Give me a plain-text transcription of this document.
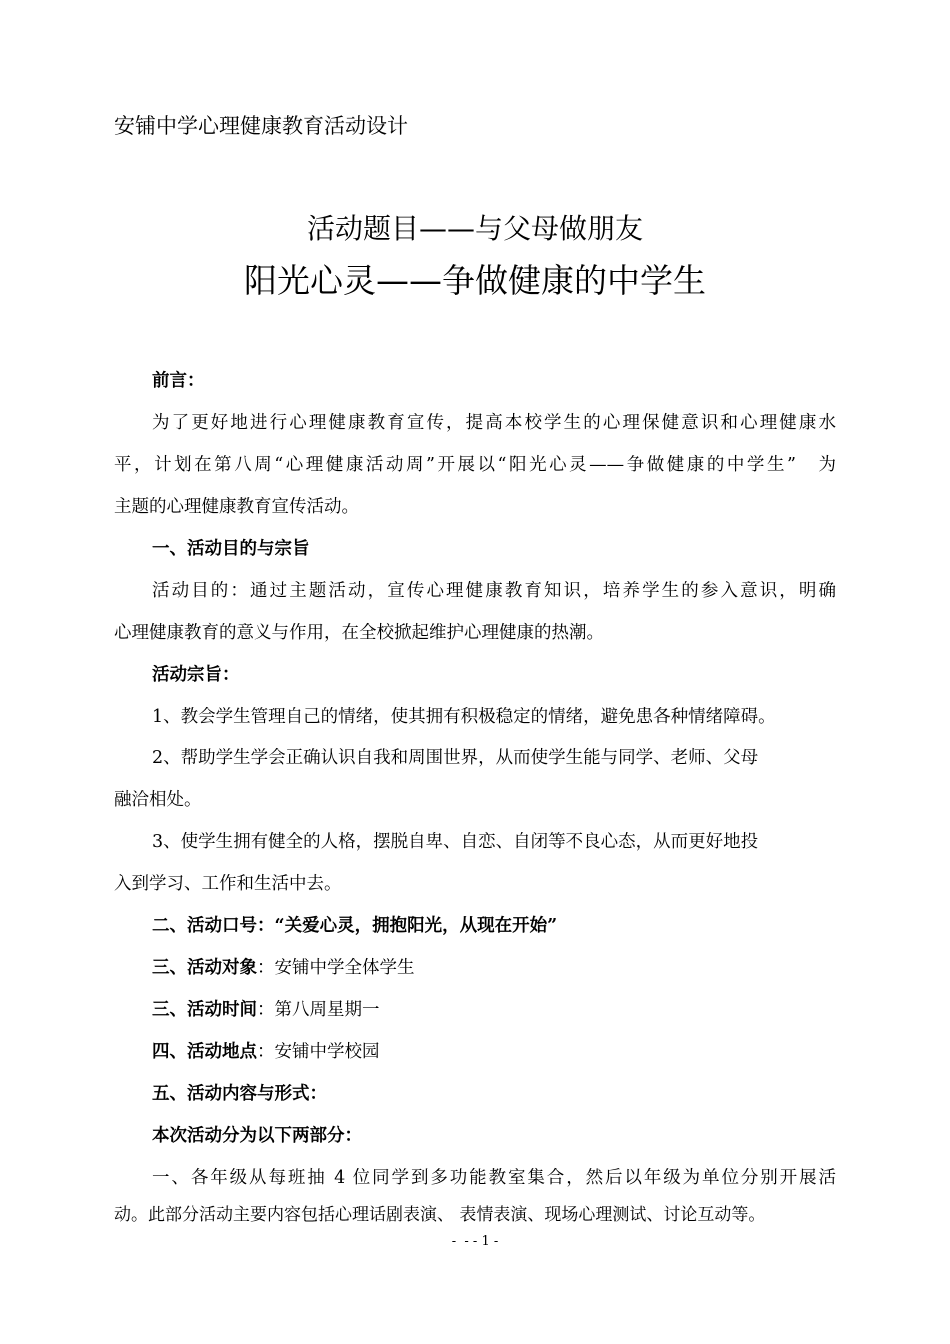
安铺中学心理健康教育活动设计
活动题目——与父母做朋友
阳光心灵——争做健康的中学生
前言：
为了更好地进行心理健康教育宣传，提高本校学生的心理保健意识和心理健康水
平，计划在第八周“心理健康活动周”开展以“阳光心灵——争做健康的中学生”　为
主题的心理健康教育宣传活动。
一、活动目的与宗旨
活动目的：通过主题活动，宣传心理健康教育知识，培养学生的参入意识，明确
心理健康教育的意义与作用，在全校掀起维护心理健康的热潮。
活动宗旨：
1、教会学生管理自己的情绪，使其拥有积极稳定的情绪，避免患各种情绪障碍。
2、帮助学生学会正确认识自我和周围世界，从而使学生能与同学、老师、父母
融洽相处。
3、使学生拥有健全的人格，摆脱自卑、自恋、自闭等不良心态，从而更好地投
入到学习、工作和生活中去。
二、活动口号：“关爱心灵，拥抱阳光，从现在开始”
三、活动对象：安铺中学全体学生
三、活动时间：第八周星期一
四、活动地点：安铺中学校园
五、活动内容与形式：
本次活动分为以下两部分：
一、各年级从每班抽 4 位同学到多功能教室集合，然后以年级为单位分别开展活
动。此部分活动主要内容包括心理话剧表演、 表情表演、现场心理测试、讨论互动等。
-  - - 1 -
